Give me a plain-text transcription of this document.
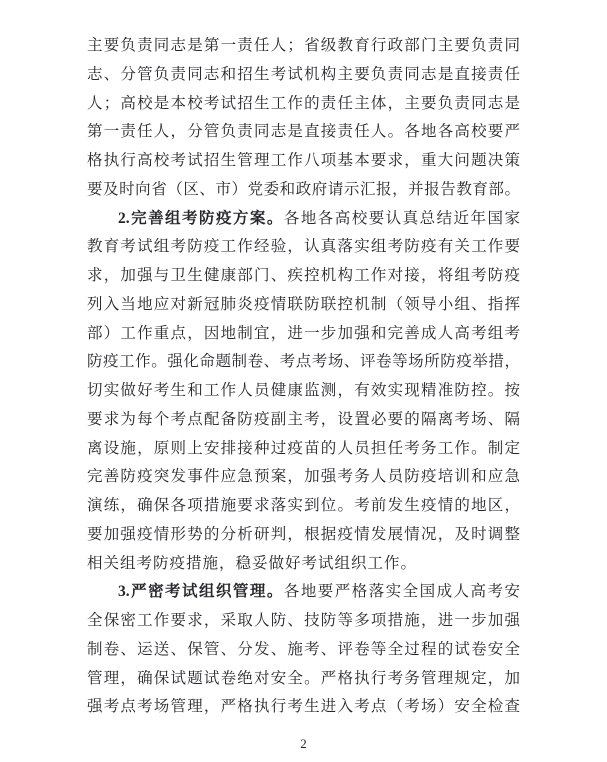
主要负责同志是第一责任人；省级教育行政部门主要负责同
志、分管负责同志和招生考试机构主要负责同志是直接责任
人；高校是本校考试招生工作的责任主体，主要负责同志是
第一责任人，分管负责同志是直接责任人。各地各高校要严
格执行高校考试招生管理工作八项基本要求，重大问题决策
要及时向省（区、市）党委和政府请示汇报，并报告教育部。
2.完善组考防疫方案。各地各高校要认真总结近年国家
教育考试组考防疫工作经验，认真落实组考防疫有关工作要
求，加强与卫生健康部门、疾控机构工作对接，将组考防疫
列入当地应对新冠肺炎疫情联防联控机制（领导小组、指挥
部）工作重点，因地制宜，进一步加强和完善成人高考组考
防疫工作。强化命题制卷、考点考场、评卷等场所防疫举措，
切实做好考生和工作人员健康监测，有效实现精准防控。按
要求为每个考点配备防疫副主考，设置必要的隔离考场、隔
离设施，原则上安排接种过疫苗的人员担任考务工作。制定
完善防疫突发事件应急预案，加强考务人员防疫培训和应急
演练，确保各项措施要求落实到位。考前发生疫情的地区，
要加强疫情形势的分析研判，根据疫情发展情况，及时调整
相关组考防疫措施，稳妥做好考试组织工作。
3.严密考试组织管理。各地要严格落实全国成人高考安
全保密工作要求，采取人防、技防等多项措施，进一步加强
制卷、运送、保管、分发、施考、评卷等全过程的试卷安全
管理，确保试题试卷绝对安全。严格执行考务管理规定，加
强考点考场管理，严格执行考生进入考点（考场）安全检查
2
